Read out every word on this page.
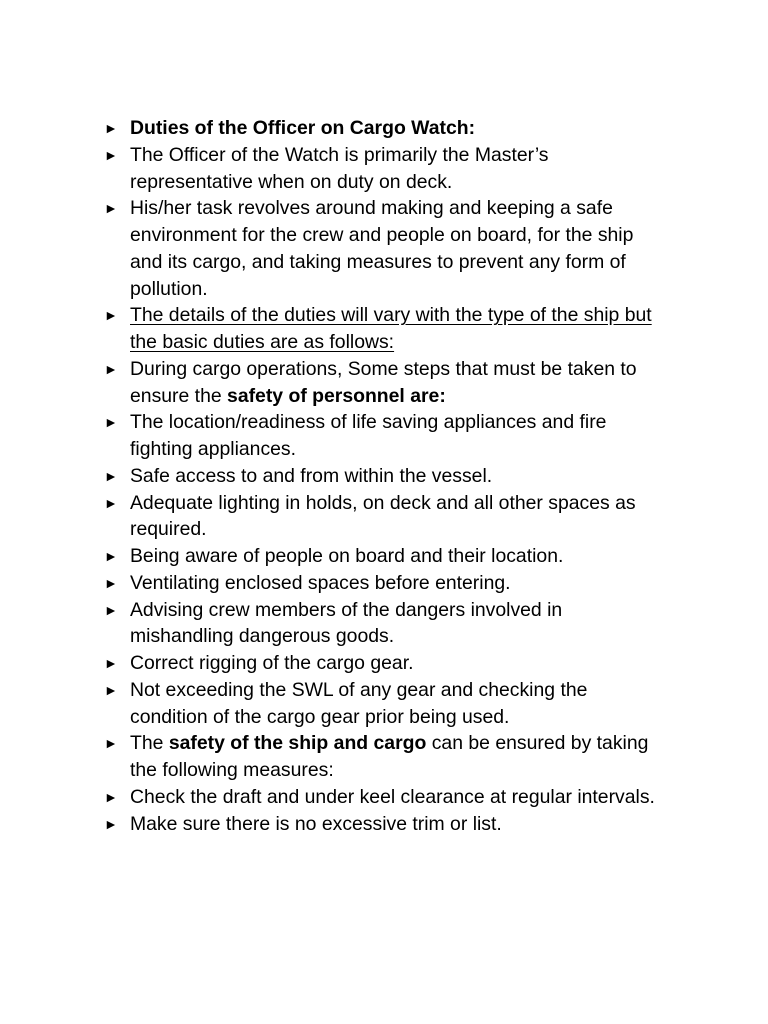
► Duties of the Officer on Cargo Watch:
► The Officer of the Watch is primarily the Master’s representative when on duty on deck.
► His/her task revolves around making and keeping a safe environment for the crew and people on board, for the ship and its cargo, and taking measures to prevent any form of pollution.
► The details of the duties will vary with the type of the ship but the basic duties are as follows:
► During cargo operations, Some steps that must be taken to ensure the safety of personnel are:
► The location/readiness of life saving appliances and fire fighting appliances.
► Safe access to and from within the vessel.
► Adequate lighting in holds, on deck and all other spaces as required.
► Being aware of people on board and their location.
► Ventilating enclosed spaces before entering.
► Advising crew members of the dangers involved in mishandling dangerous goods.
► Correct rigging of the cargo gear.
► Not exceeding the SWL of any gear and checking the condition of the cargo gear prior being used.
► The safety of the ship and cargo can be ensured by taking the following measures:
► Check the draft and under keel clearance at regular intervals.
► Make sure there is no excessive trim or list.
